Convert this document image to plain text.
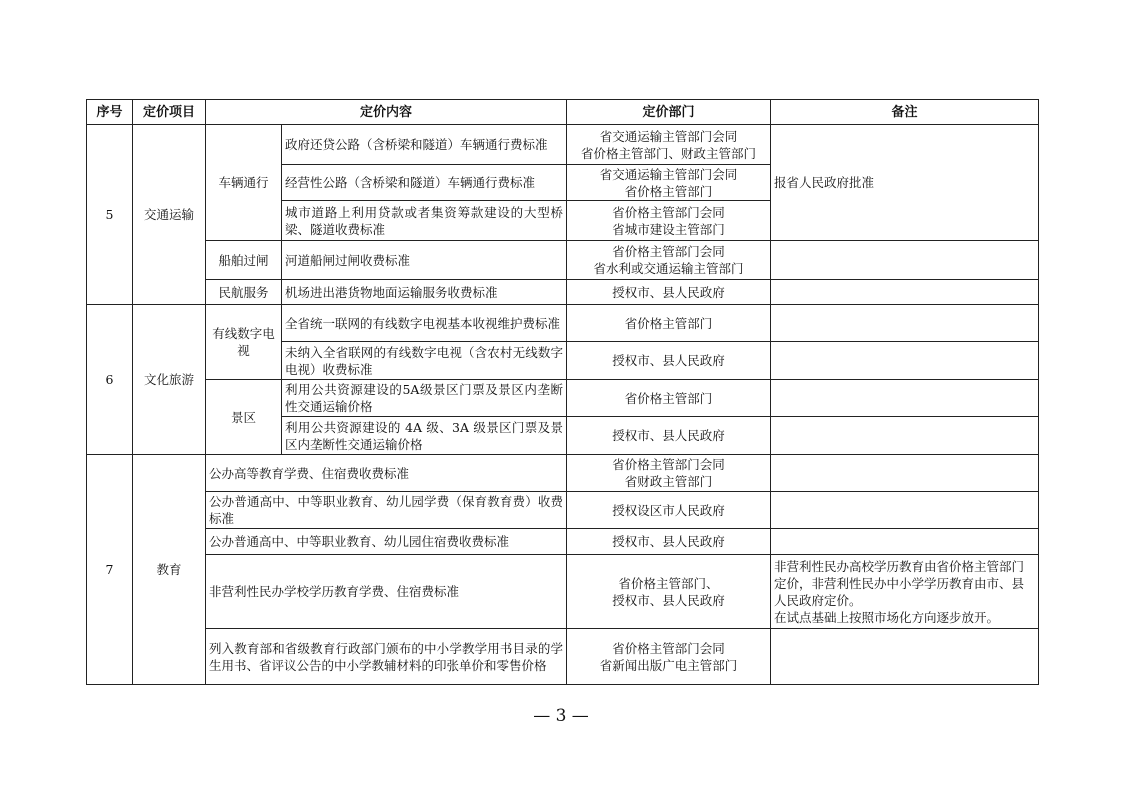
序号	定价项目	定价内容		定价部门	备注
5	交通运输	车辆通行	政府还贷公路（含桥梁和隧道）车辆通行费标准	省交通运输主管部门会同
省价格主管部门、财政主管部门	报省人民政府批准
			经营性公路（含桥梁和隧道）车辆通行费标准	省交通运输主管部门会同
省价格主管部门	
			城市道路上利用贷款或者集资筹款建设的大型桥梁、隧道收费标准	省价格主管部门会同
省城市建设主管部门	
		船舶过闸	河道船闸过闸收费标准	省价格主管部门会同
省水利或交通运输主管部门	
		民航服务	机场进出港货物地面运输服务收费标准	授权市、县人民政府	
6	文化旅游	有线数字电视	全省统一联网的有线数字电视基本收视维护费标准	省价格主管部门	
			未纳入全省联网的有线数字电视（含农村无线数字电视）收费标准	授权市、县人民政府	
		景区	利用公共资源建设的5A级景区门票及景区内垄断性交通运输价格	省价格主管部门	
			利用公共资源建设的 4A 级、3A 级景区门票及景区内垄断性交通运输价格	授权市、县人民政府	
7	教育	公办高等教育学费、住宿费收费标准		省价格主管部门会同
省财政主管部门	
		公办普通高中、中等职业教育、幼儿园学费（保育教育费）收费标准		授权设区市人民政府	
		公办普通高中、中等职业教育、幼儿园住宿费收费标准		授权市、县人民政府	
		非营利性民办学校学历教育学费、住宿费标准		省价格主管部门、
授权市、县人民政府	非营利性民办高校学历教育由省价格主管部门定价，非营利性民办中小学学历教育由市、县人民政府定价。
在试点基础上按照市场化方向逐步放开。
		列入教育部和省级教育行政部门颁布的中小学教学用书目录的学生用书、省评议公告的中小学教辅材料的印张单价和零售价格		省价格主管部门会同
省新闻出版广电主管部门	
— 3 —
